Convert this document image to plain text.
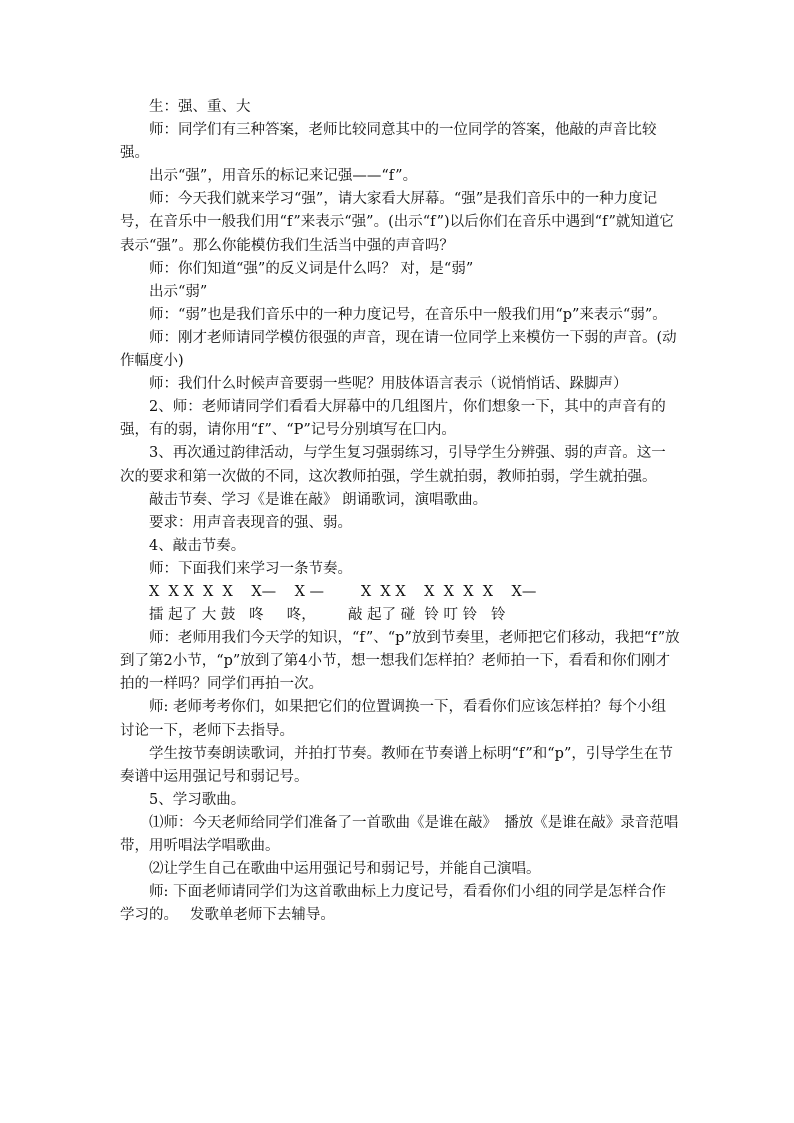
生：强、重、大

师：同学们有三种答案，老师比较同意其中的一位同学的答案，他敲的声音比较强。

出示“强”，用音乐的标记来记强——“f”。

师：今天我们就来学习“强”，请大家看大屏幕。“强”是我们音乐中的一种力度记号，在音乐中一般我们用“f”来表示“强”。(出示“f”)以后你们在音乐中遇到“f”就知道它表示“强”。那么你能模仿我们生活当中强的声音吗？

师：你们知道“强”的反义词是什么吗？ 对，是“弱”

出示“弱”

师：“弱”也是我们音乐中的一种力度记号，在音乐中一般我们用“p”来表示“弱”。

师：刚才老师请同学模仿很强的声音，现在请一位同学上来模仿一下弱的声音。(动作幅度小)

师：我们什么时候声音要弱一些呢？用肢体语言表示（说悄悄话、跺脚声）

2、师：老师请同学们看看大屏幕中的几组图片，你们想象一下，其中的声音有的强，有的弱，请你用“f”、“P”记号分别填写在囗内。

3、再次通过韵律活动，与学生复习强弱练习，引导学生分辨强、弱的声音。这一次的要求和第一次做的不同，这次教师拍强，学生就拍弱，教师拍弱，学生就拍强。

敲击节奏、学习《是谁在敲》 朗诵歌词，演唱歌曲。

要求：用声音表现音的强、弱。

4、敲击节奏。

师：下面我们来学习一条节奏。

X  X X  X  X    X—    X —        X  X X    X  X  X  X    X—

擂 起了 大 鼓   咚     咚，       敲 起了 碰  铃 叮 铃   铃

师：老师用我们今天学的知识，“f”、“p”放到节奏里，老师把它们移动，我把“f”放到了第2小节，“p”放到了第4小节，想一想我们怎样拍？老师拍一下，看看和你们刚才拍的一样吗？同学们再拍一次。

师: 老师考考你们，如果把它们的位置调换一下，看看你们应该怎样拍？每个小组讨论一下，老师下去指导。

学生按节奏朗读歌词，并拍打节奏。教师在节奏谱上标明“f”和“p”，引导学生在节奏谱中运用强记号和弱记号。

5、学习歌曲。

⑴师：今天老师给同学们准备了一首歌曲《是谁在敲》　播放《是谁在敲》录音范唱带，用听唱法学唱歌曲。

⑵让学生自己在歌曲中运用强记号和弱记号，并能自己演唱。

师: 下面老师请同学们为这首歌曲标上力度记号，看看你们小组的同学是怎样合作学习的。　 发歌单老师下去辅导。
